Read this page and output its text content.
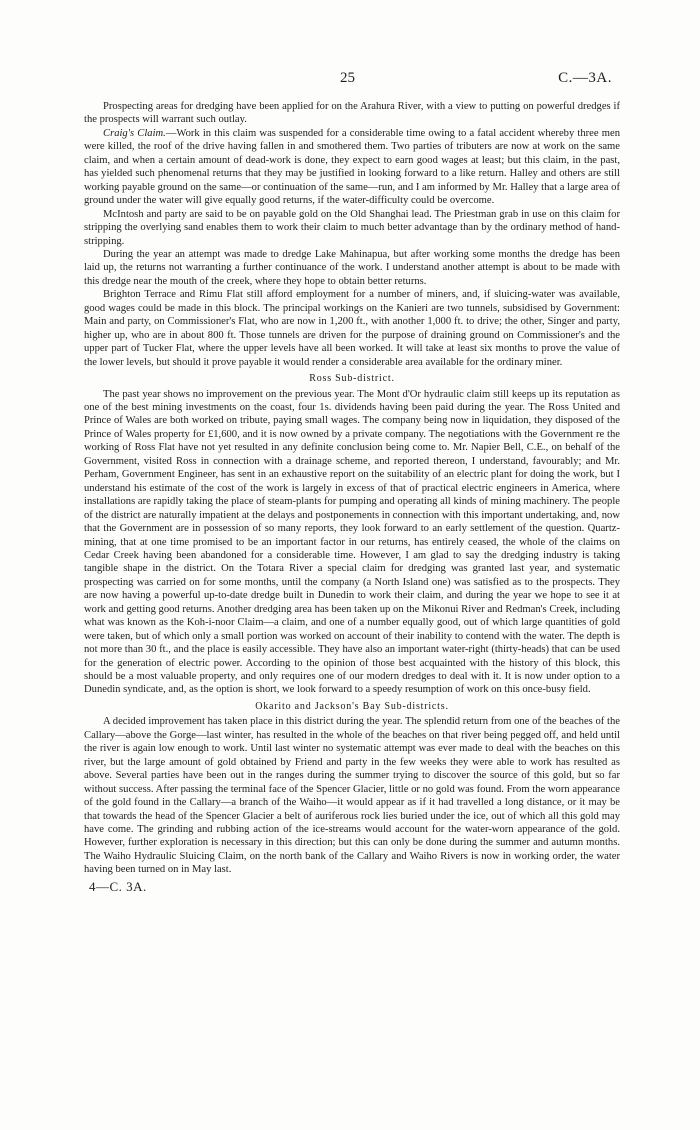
25	C.—3A.

Prospecting areas for dredging have been applied for on the Arahura River, with a view to putting on powerful dredges if the prospects will warrant such outlay.

Craig's Claim.—Work in this claim was suspended for a considerable time owing to a fatal accident whereby three men were killed, the roof of the drive having fallen in and smothered them. Two parties of tributers are now at work on the same claim, and when a certain amount of dead-work is done, they expect to earn good wages at least; but this claim, in the past, has yielded such phenomenal returns that they may be justified in looking forward to a like return. Halley and others are still working payable ground on the same—or continuation of the same—run, and I am informed by Mr. Halley that a large area of ground under the water will give equally good returns, if the water-difficulty could be overcome.

McIntosh and party are said to be on payable gold on the Old Shanghai lead. The Priestman grab in use on this claim for stripping the overlying sand enables them to work their claim to much better advantage than by the ordinary method of hand-stripping.

During the year an attempt was made to dredge Lake Mahinapua, but after working some months the dredge has been laid up, the returns not warranting a further continuance of the work. I understand another attempt is about to be made with this dredge near the mouth of the creek, where they hope to obtain better returns.

Brighton Terrace and Rimu Flat still afford employment for a number of miners, and, if sluicing-water was available, good wages could be made in this block. The principal workings on the Kanieri are two tunnels, subsidised by Government: Main and party, on Commissioner's Flat, who are now in 1,200 ft., with another 1,000 ft. to drive; the other, Singer and party, higher up, who are in about 800 ft. Those tunnels are driven for the purpose of draining ground on Commissioner's and the upper part of Tucker Flat, where the upper levels have all been worked. It will take at least six months to prove the value of the lower levels, but should it prove payable it would render a considerable area available for the ordinary miner.

Ross Sub-district.

The past year shows no improvement on the previous year. The Mont d'Or hydraulic claim still keeps up its reputation as one of the best mining investments on the coast, four 1s. dividends having been paid during the year. The Ross United and Prince of Wales are both worked on tribute, paying small wages. The company being now in liquidation, they disposed of the Prince of Wales property for £1,600, and it is now owned by a private company. The negotiations with the Government re the working of Ross Flat have not yet resulted in any definite conclusion being come to. Mr. Napier Bell, C.E., on behalf of the Government, visited Ross in connection with a drainage scheme, and reported thereon, I understand, favourably; and Mr. Perham, Government Engineer, has sent in an exhaustive report on the suitability of an electric plant for doing the work, but I understand his estimate of the cost of the work is largely in excess of that of practical electric engineers in America, where installations are rapidly taking the place of steam-plants for pumping and operating all kinds of mining machinery. The people of the district are naturally impatient at the delays and postponements in connection with this important undertaking, and, now that the Government are in possession of so many reports, they look forward to an early settlement of the question. Quartz-mining, that at one time promised to be an important factor in our returns, has entirely ceased, the whole of the claims on Cedar Creek having been abandoned for a considerable time. However, I am glad to say the dredging industry is taking tangible shape in the district. On the Totara River a special claim for dredging was granted last year, and systematic prospecting was carried on for some months, until the company (a North Island one) was satisfied as to the prospects. They are now having a powerful up-to-date dredge built in Dunedin to work their claim, and during the year we hope to see it at work and getting good returns. Another dredging area has been taken up on the Mikonui River and Redman's Creek, including what was known as the Koh-i-noor Claim—a claim, and one of a number equally good, out of which large quantities of gold were taken, but of which only a small portion was worked on account of their inability to contend with the water. The depth is not more than 30 ft., and the place is easily accessible. They have also an important water-right (thirty-heads) that can be used for the generation of electric power. According to the opinion of those best acquainted with the history of this block, this should be a most valuable property, and only requires one of our modern dredges to deal with it. It is now under option to a Dunedin syndicate, and, as the option is short, we look forward to a speedy resumption of work on this once-busy field.

Okarito and Jackson's Bay Sub-districts.

A decided improvement has taken place in this district during the year. The splendid return from one of the beaches of the Callary—above the Gorge—last winter, has resulted in the whole of the beaches on that river being pegged off, and held until the river is again low enough to work. Until last winter no systematic attempt was ever made to deal with the beaches on this river, but the large amount of gold obtained by Friend and party in the few weeks they were able to work has resulted as above. Several parties have been out in the ranges during the summer trying to discover the source of this gold, but so far without success. After passing the terminal face of the Spencer Glacier, little or no gold was found. From the worn appearance of the gold found in the Callary—a branch of the Waiho—it would appear as if it had travelled a long distance, or it may be that towards the head of the Spencer Glacier a belt of auriferous rock lies buried under the ice, out of which all this gold may have come. The grinding and rubbing action of the ice-streams would account for the water-worn appearance of the gold. However, further exploration is necessary in this direction; but this can only be done during the summer and autumn months. The Waiho Hydraulic Sluicing Claim, on the north bank of the Callary and Waiho Rivers is now in working order, the water having been turned on in May last.

4—C. 3A.
